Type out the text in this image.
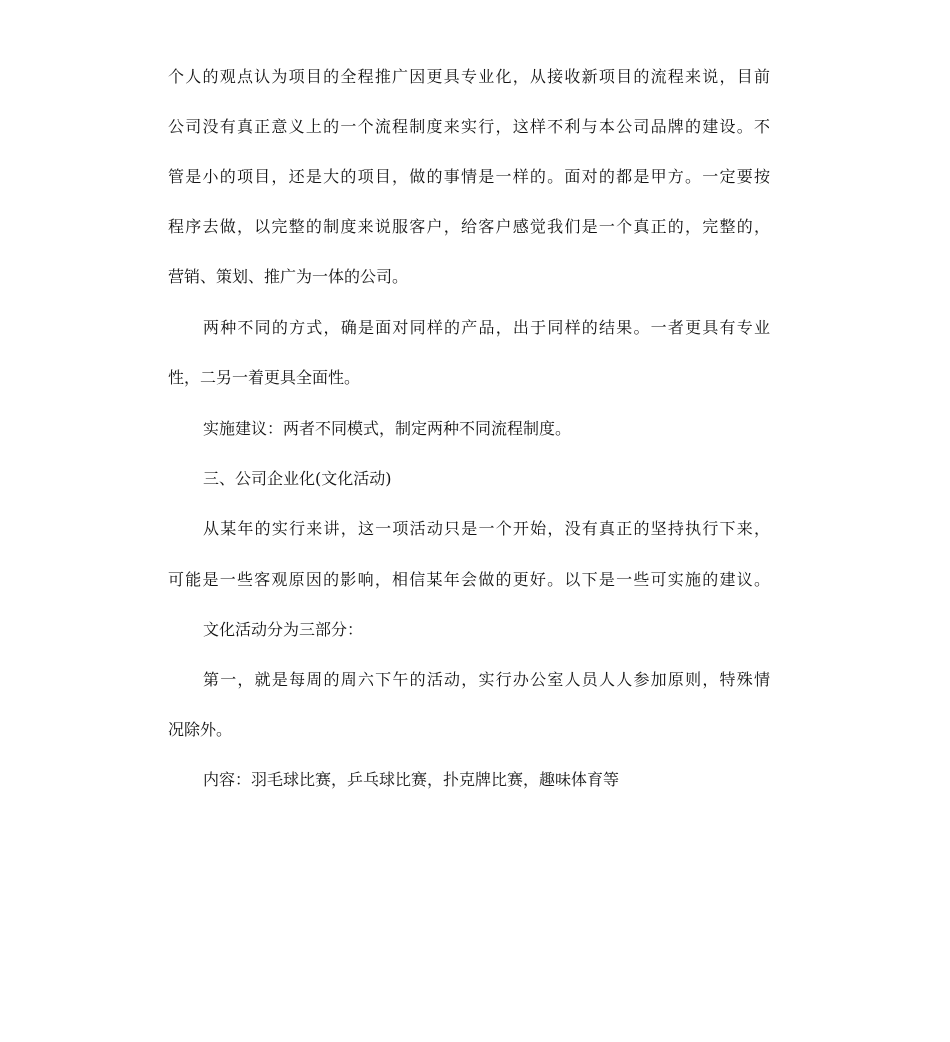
个人的观点认为项目的全程推广因更具专业化，从接收新项目的流程来说，目前

公司没有真正意义上的一个流程制度来实行，这样不利与本公司品牌的建设。不

管是小的项目，还是大的项目，做的事情是一样的。面对的都是甲方。一定要按

程序去做，以完整的制度来说服客户，给客户感觉我们是一个真正的，完整的，

营销、策划、推广为一体的公司。

两种不同的方式，确是面对同样的产品，出于同样的结果。一者更具有专业

性，二另一着更具全面性。

实施建议：两者不同模式，制定两种不同流程制度。

三、公司企业化(文化活动)

从某年的实行来讲，这一项活动只是一个开始，没有真正的坚持执行下来，

可能是一些客观原因的影响，相信某年会做的更好。以下是一些可实施的建议。

文化活动分为三部分：

第一，就是每周的周六下午的活动，实行办公室人员人人参加原则，特殊情

况除外。

内容：羽毛球比赛，乒乓球比赛，扑克牌比赛，趣味体育等
